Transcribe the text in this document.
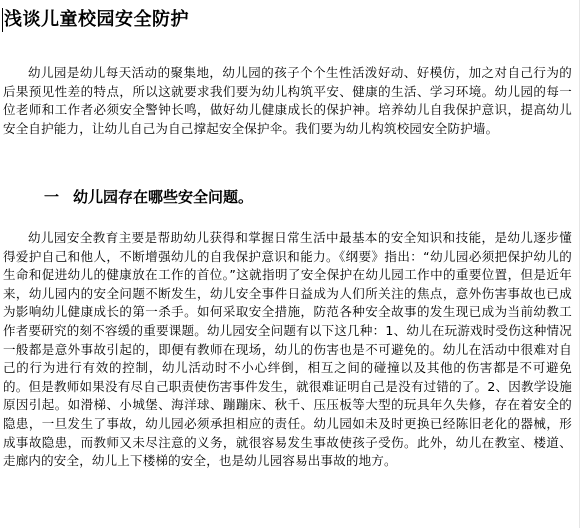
浅谈儿童校园安全防护
幼儿园是幼儿每天活动的聚集地，幼儿园的孩子个个生性活泼好动、好模仿，加之对自己行为的后果预见性差的特点，所以这就要求我们要为幼儿构筑平安、健康的生活、学习环境。幼儿园的每一位老师和工作者必须安全警钟长鸣，做好幼儿健康成长的保护神。培养幼儿自我保护意识，提高幼儿安全自护能力，让幼儿自己为自己撑起安全保护伞。我们要为幼儿构筑校园安全防护墙。
一 幼儿园存在哪些安全问题。
幼儿园安全教育主要是帮助幼儿获得和掌握日常生活中最基本的安全知识和技能，是幼儿逐步懂得爱护自己和他人，不断增强幼儿的自我保护意识和能力。《纲要》指出：“幼儿园必须把保护幼儿的生命和促进幼儿的健康放在工作的首位。”这就指明了安全保护在幼儿园工作中的重要位置，但是近年来，幼儿园内的安全问题不断发生，幼儿安全事件日益成为人们所关注的焦点，意外伤害事故也已成为影响幼儿健康成长的第一杀手。如何采取安全措施，防范各种安全故事的发生现已成为当前幼教工作者要研究的刻不容缓的重要课题。幼儿园安全问题有以下这几种：1、幼儿在玩游戏时受伤这种情况一般都是意外事故引起的，即便有教师在现场，幼儿的伤害也是不可避免的。幼儿在活动中很难对自己的行为进行有效的控制，幼儿活动时不小心绊倒，相互之间的碰撞以及其他的伤害都是不可避免的。但是教师如果没有尽自己职责使伤害事件发生，就很难证明自己是没有过错的了。2、因教学设施原因引起。如滑梯、小城堡、海洋球、蹦蹦床、秋千、压压板等大型的玩具年久失修，存在着安全的隐患，一旦发生了事故，幼儿园必须承担相应的责任。幼儿园如未及时更换已经陈旧老化的器械，形成事故隐患，而教师又未尽注意的义务，就很容易发生事故使孩子受伤。此外，幼儿在教室、楼道、走廊内的安全，幼儿上下楼梯的安全，也是幼儿园容易出事故的地方。
